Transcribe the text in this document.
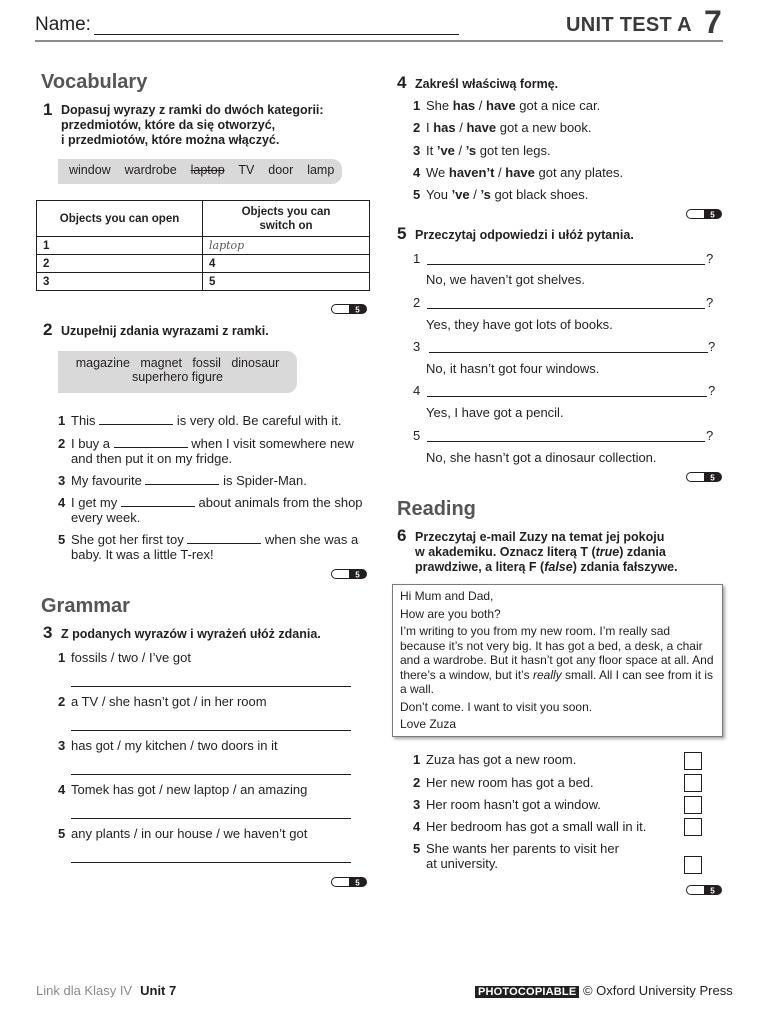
Name:	UNIT TEST A 7
Vocabulary
1 Dopasuj wyrazy z ramki do dwóch kategorii:
przedmiotów, które da się otworzyć,
i przedmiotów, które można włączyć.
window wardrobe laptop TV door lamp
Objects you can open	Objects you can
switch on

1	laptop
2	4
3	5
5
2 Uzupełnij zdania wyrazami z ramki.
magazine   magnet   fossil   dinosaur
superhero figure
1 This	is very old. Be careful with it.
2 I buy a	when I visit somewhere new
and then put it on my fridge.
3 My favourite	is Spider-Man.
4 I get my	about animals from the shop
every week.
5 She got her first toy	when she was a
baby. It was a little T-rex!
5
Grammar
3 Z podanych wyrazów i wyrażeń ułóż zdania.
1 fossils / two / I’ve got
2 a TV / she hasn’t got / in her room
3 has got / my kitchen / two doors in it
4 Tomek has got / new laptop / an amazing
5 any plants / in our house / we haven’t got
5
4 Zakreśl właściwą formę.
1 She has / have got a nice car.
2 I has / have got a new book.
3 It ’ve / ’s got ten legs.
4 We haven’t / have got any plates.
5 You ’ve / ’s got black shoes.
5
5 Przeczytaj odpowiedzi i ułóż pytania.
1	?
No, we haven’t got shelves.
2	?
Yes, they have got lots of books.
3	?
No, it hasn’t got four windows.
4	?
Yes, I have got a pencil.
5	?
No, she hasn’t got a dinosaur collection.
5
Reading
6 Przeczytaj e-mail Zuzy na temat jej pokoju
w akademiku. Oznacz literą T (true) zdania
prawdziwe, a literą F (false) zdania fałszywe.

Hi Mum and Dad,

How are you both?

I’m writing to you from my new room. I’m really sad because it’s not very big. It has got a bed, a desk, a chair and a wardrobe. But it hasn’t got any floor space at all. And there’s a window, but it’s really small. All I can see from it is a wall.

Don’t come. I want to visit you soon.

Love Zuza

1 Zuza has got a new room.
2 Her new room has got a bed.
3 Her room hasn’t got a window.
4 Her bedroom has got a small wall in it.
5 She wants her parents to visit her
at university.
5
Link dla Klasy IV Unit 7	PHOTOCOPIABLE © Oxford University Press
